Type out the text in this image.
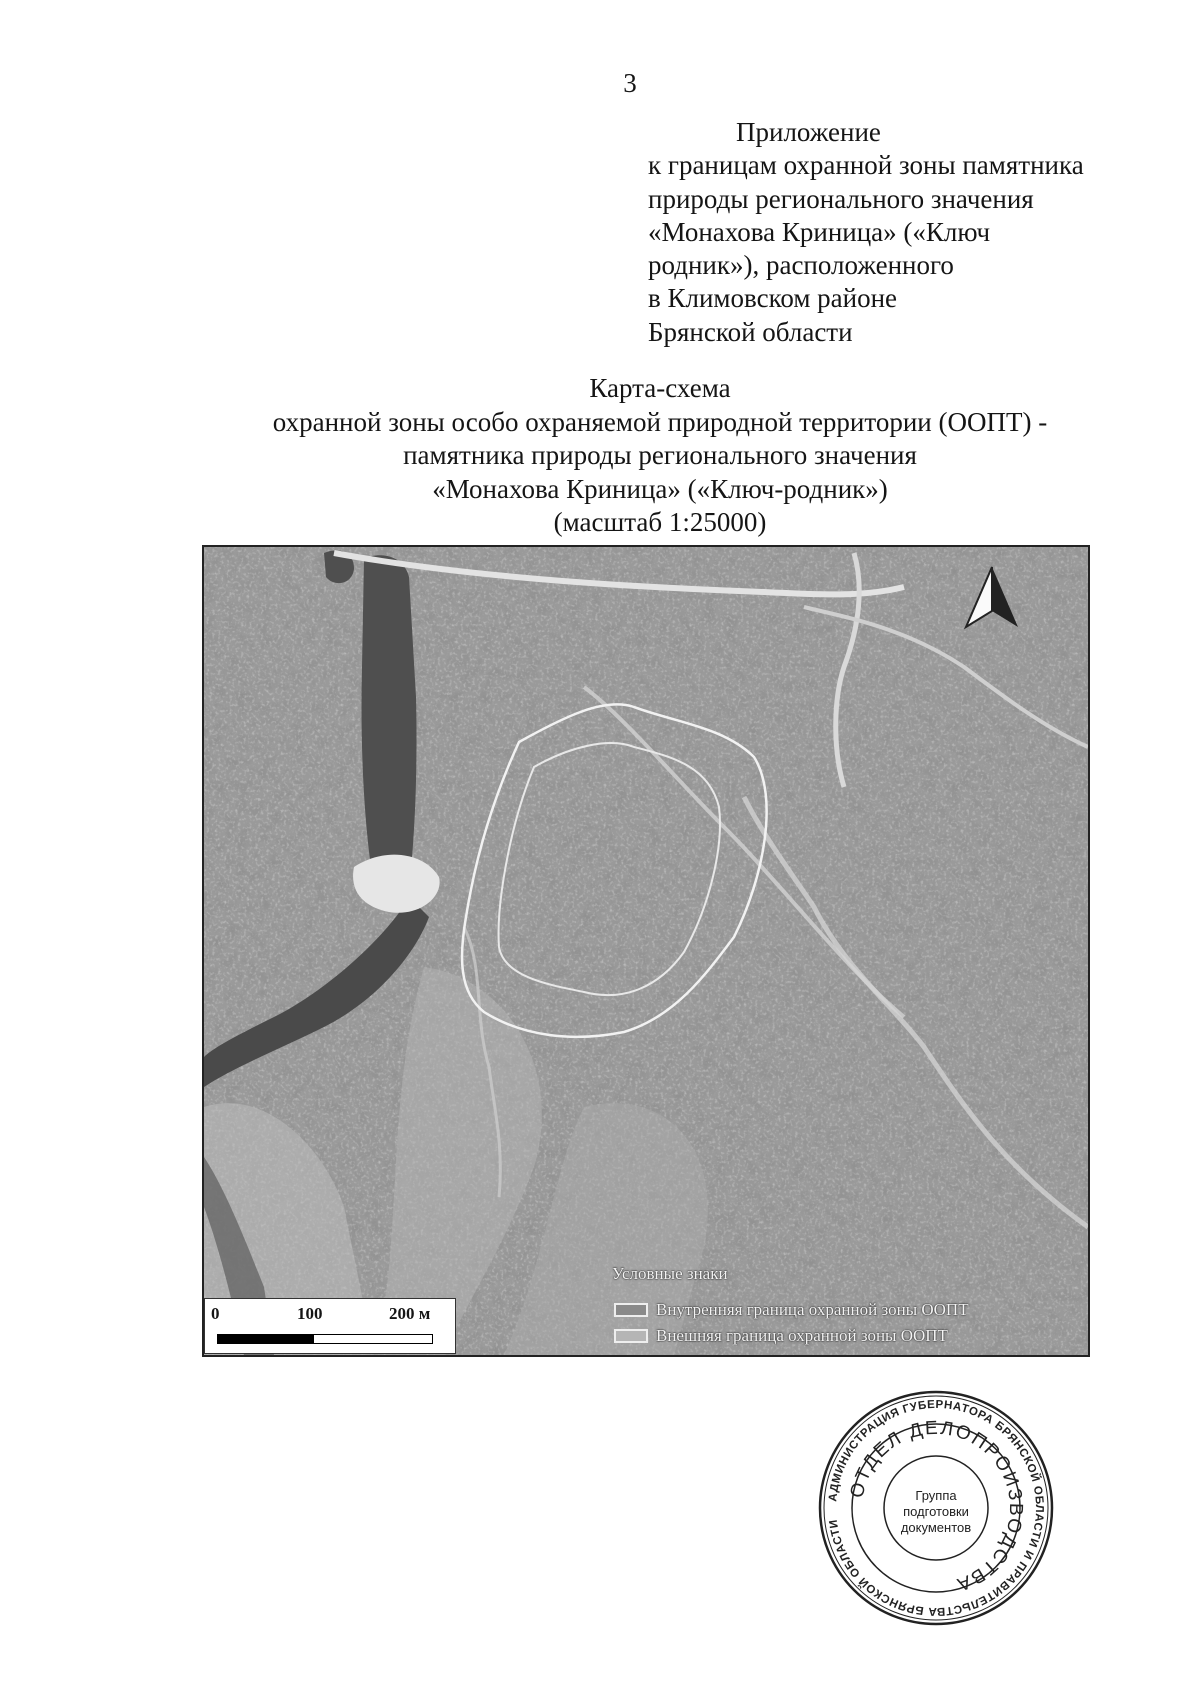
3
Приложение
к границам охранной зоны памятника
природы регионального значения
«Монахова Криница» («Ключ
родник»), расположенного
в Климовском районе
Брянской области
Карта-схема
охранной зоны особо охраняемой природной территории (ООПТ) -
памятника природы регионального значения
«Монахова Криница» («Ключ-родник»)
(масштаб 1:25000)
0	100	200 м
Условные знаки
Внутренняя граница охранной зоны ООПТ
Внешняя граница охранной зоны ООПТ
АДМИНИСТРАЦИЯ ГУБЕРНАТОРА БРЯНСКОЙ ОБЛАСТИ И ПРАВИТЕЛЬСТВА БРЯНСКОЙ ОБЛАСТИ
ОТДЕЛ ДЕЛОПРОИЗВОДСТВА
Группа
подготовки
документов
